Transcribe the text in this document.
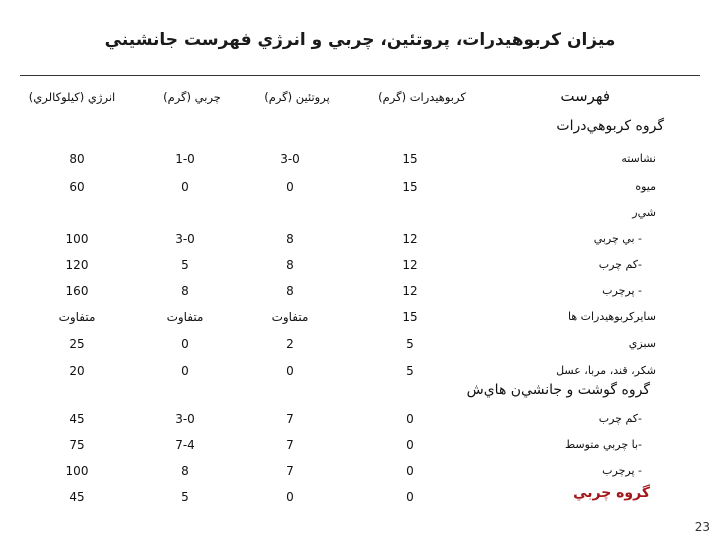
ميزان كربوهيدرات، پروتئين، چربي و انرژي فهرست جانشيني
فهرست
كربوهيدرات (گرم)
پروتئين (گرم)
چربي (گرم)
انرژي (كيلوكالري)
گروه كربوهي‌درات
گروه گوشت و جانشي‌ن هاي‌ش
گروه چربي
نشاسته
15
3-0
1-0
80
ميوه
15
0
0
60
شي‌ر
- بي چربي
12
8
3-0
100
-كم چرب
12
8
5
120
- پرچرب
12
8
8
160
سايركربوهيدرات ها
15
متفاوت
متفاوت
متفاوت
سبزي
5
2
0
25
شكر، قند، مربا، عسل
5
0
0
20
-كم چرب
0
7
3-0
45
-با چربي متوسط
0
7
7-4
75
- پرچرب
0
7
8
100
0
0
5
45
23
